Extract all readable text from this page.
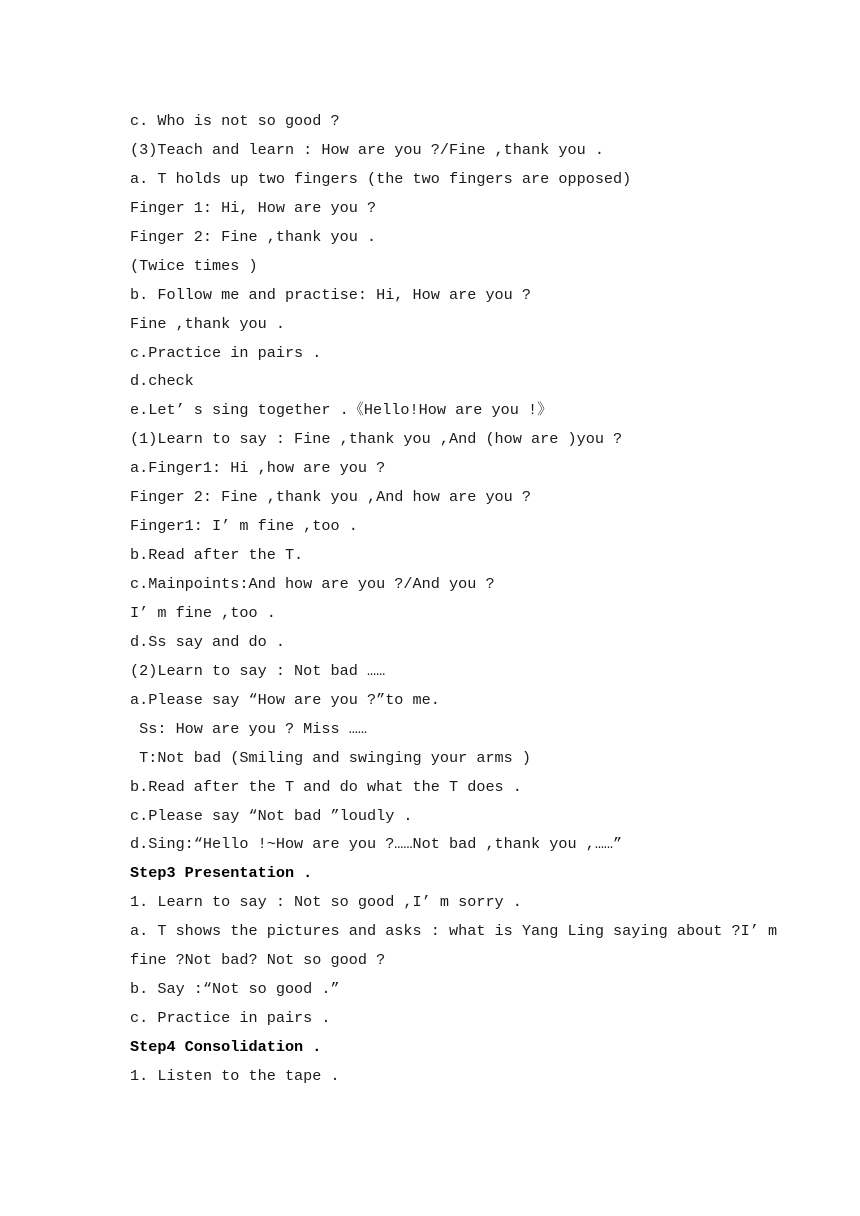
c. Who is not so good ?
(3)Teach and learn : How are you ?/Fine ,thank you .
a. T holds up two fingers (the two fingers are opposed)
Finger 1: Hi, How are you ?
Finger 2: Fine ,thank you .
(Twice times )
b. Follow me and practise: Hi, How are you ?
Fine ,thank you .
c.Practice in pairs .
d.check
e.Let’ s sing together .《Hello!How are you !》
(1)Learn to say : Fine ,thank you ,And (how are )you ?
a.Finger1: Hi ,how are you ?
Finger 2: Fine ,thank you ,And how are you ?
Finger1: I’ m fine ,too .
b.Read after the T.
c.Mainpoints:And how are you ?/And you ?
I’ m fine ,too .
d.Ss say and do .
(2)Learn to say : Not bad ……
a.Please say “How are you ?”to me.
Ss: How are you ? Miss ……
T:Not bad (Smiling and swinging your arms )
b.Read after the T and do what the T does .
c.Please say “Not bad ”loudly .
d.Sing:“Hello !~How are you ?……Not bad ,thank you ,……”
Step3 Presentation .
1. Learn to say : Not so good ,I’ m sorry .
a. T shows the pictures and asks : what is Yang Ling saying about ?I’ m
fine ?Not bad? Not so good ?
b. Say :“Not so good .”
c. Practice in pairs .
Step4 Consolidation .
1. Listen to the tape .
